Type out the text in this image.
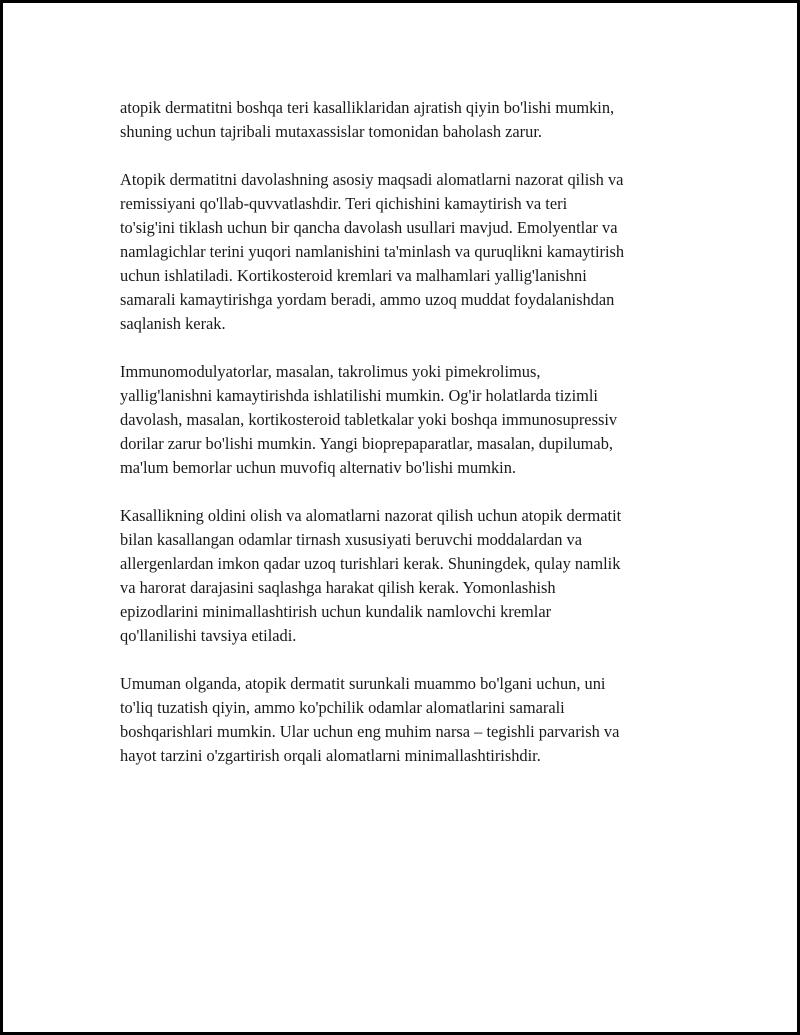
atopik dermatitni boshqa teri kasalliklaridan ajratish qiyin bo'lishi mumkin,
shuning uchun tajribali mutaxassislar tomonidan baholash zarur.

Atopik dermatitni davolashning asosiy maqsadi alomatlarni nazorat qilish va
remissiyani qo'llab-quvvatlashdir. Teri qichishini kamaytirish va teri
to'sig'ini tiklash uchun bir qancha davolash usullari mavjud. Emolyentlar va
namlagichlar terini yuqori namlanishini ta'minlash va quruqlikni kamaytirish
uchun ishlatiladi. Kortikosteroid kremlari va malhamlari yallig'lanishni
samarali kamaytirishga yordam beradi, ammo uzoq muddat foydalanishdan
saqlanish kerak.

Immunomodulyatorlar, masalan, takrolimus yoki pimekrolimus,
yallig'lanishni kamaytirishda ishlatilishi mumkin. Og'ir holatlarda tizimli
davolash, masalan, kortikosteroid tabletkalar yoki boshqa immunosupressiv
dorilar zarur bo'lishi mumkin. Yangi bioprepaparatlar, masalan, dupilumab,
ma'lum bemorlar uchun muvofiq alternativ bo'lishi mumkin.

Kasallikning oldini olish va alomatlarni nazorat qilish uchun atopik dermatit
bilan kasallangan odamlar tirnash xususiyati beruvchi moddalardan va
allergenlardan imkon qadar uzoq turishlari kerak. Shuningdek, qulay namlik
va harorat darajasini saqlashga harakat qilish kerak. Yomonlashish
epizodlarini minimallashtirish uchun kundalik namlovchi kremlar
qo'llanilishi tavsiya etiladi.

Umuman olganda, atopik dermatit surunkali muammo bo'lgani uchun, uni
to'liq tuzatish qiyin, ammo ko'pchilik odamlar alomatlarini samarali
boshqarishlari mumkin. Ular uchun eng muhim narsa – tegishli parvarish va
hayot tarzini o'zgartirish orqali alomatlarni minimallashtirishdir.
